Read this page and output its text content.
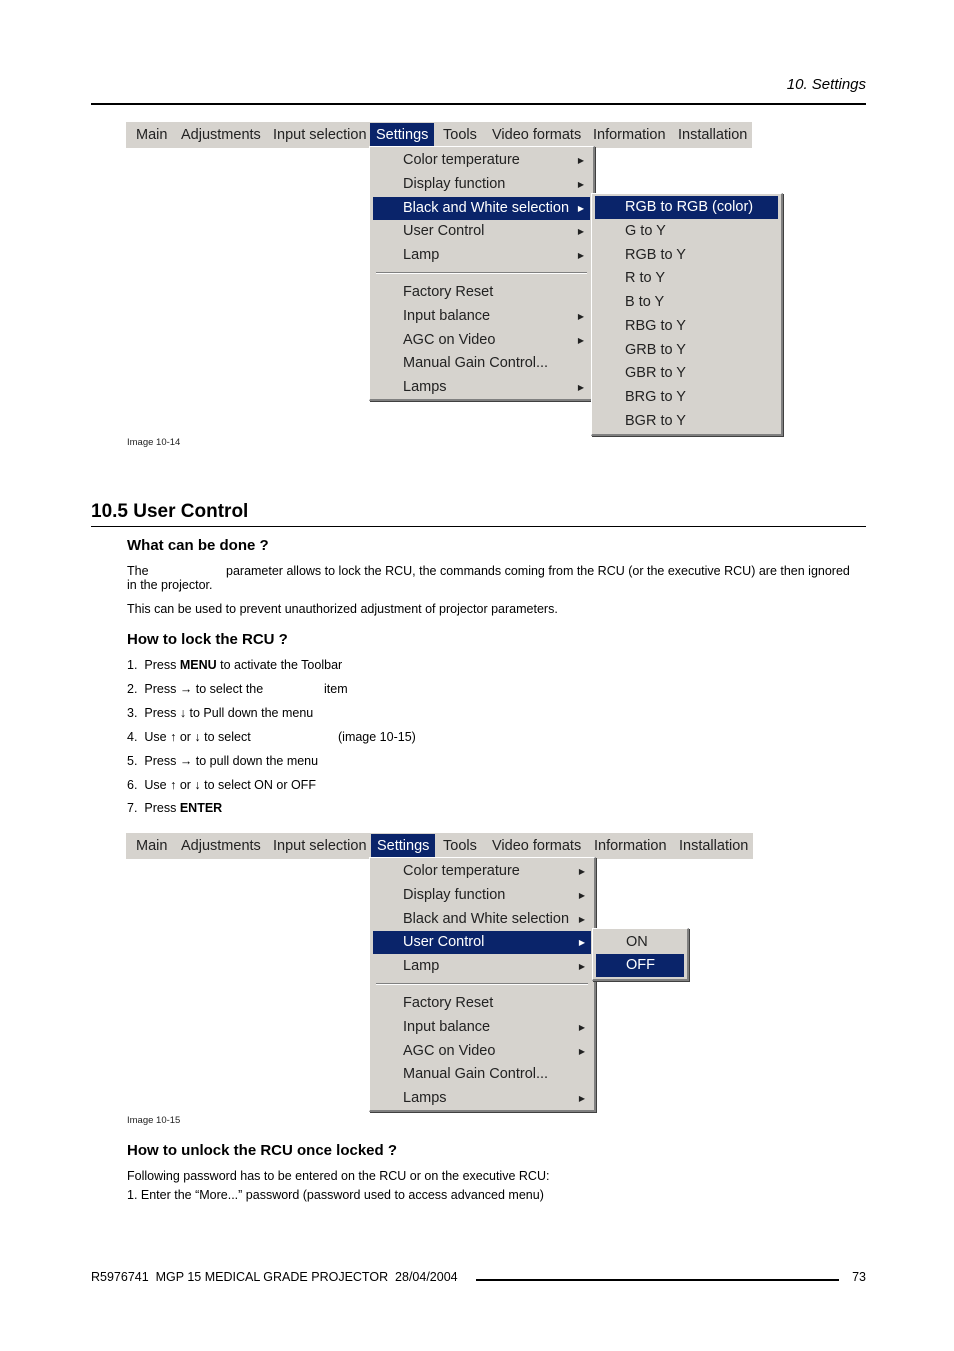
10. Settings
Main Adjustments Input selection Settings	Tools Video formats Information Installation
Color temperature	▶
Display function	▶
Black and White selection ▶
User Control	▶
Lamp	▶
Factory Reset
Input balance	▶
AGC on Video	▶
Manual Gain Control...
Lamps	▶
RGB to RGB (color)
G to Y
RGB to Y
R to Y
B to Y
RBG to Y
GRB to Y
GBR to Y
BRG to Y
BGR to Y
Image 10-14
10.5 User Control
What can be done ?
The	parameter allows to lock the RCU, the commands coming from the RCU (or the executive RCU) are then ignored
in the projector.
This can be used to prevent unauthorized adjustment of projector parameters.
How to lock the RCU ?
1. Press MENU to activate the Toolbar
2. Press → to select the	item
3. Press ↓ to Pull down the menu
4. Use ↑ or ↓ to select	(image 10-15)
5. Press → to pull down the menu
6. Use ↑ or ↓ to select ON or OFF
7. Press ENTER
Main Adjustments Input selection Settings Tools Video formats Information Installation
Color temperature	▶
Display function	▶
Black and White selection ▶
User Control	▶
Lamp	▶
Factory Reset
Input balance	▶
AGC on Video	▶
Manual Gain Control...
Lamps	▶
ON
OFF
Image 10-15
How to unlock the RCU once locked ?
Following password has to be entered on the RCU or on the executive RCU:
1. Enter the “More...” password (password used to access advanced menu)
R5976741  MGP 15 MEDICAL GRADE PROJECTOR  28/04/2004	73
